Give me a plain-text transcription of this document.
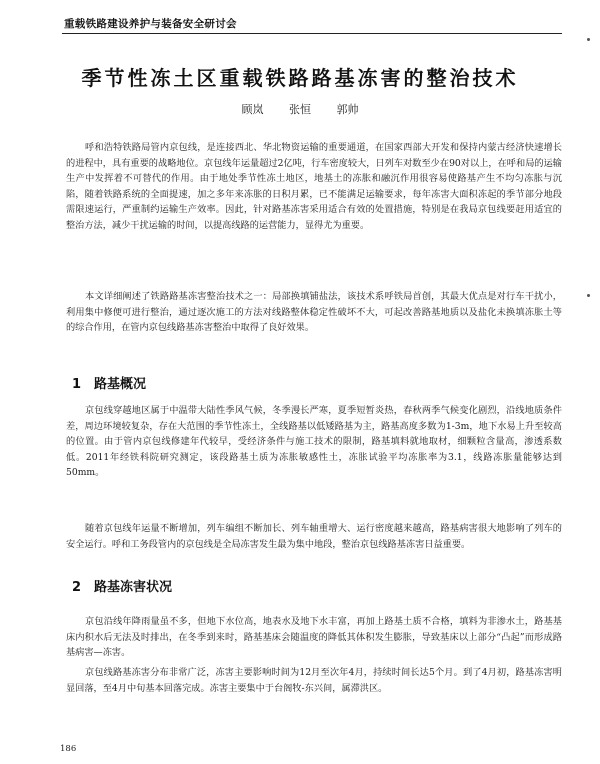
重载铁路建设养护与装备安全研讨会
季节性冻土区重载铁路路基冻害的整治技术
顾岚 张恒 郭帅

呼和浩特铁路局管内京包线，是连接西北、华北物资运输的重要通道，在国家西部大开发和保持内蒙古经济快速增长的进程中，具有重要的战略地位。京包线年运量超过2亿吨，行车密度较大，日列车对数至少在90对以上，在呼和局的运输生产中发挥着不可替代的作用。由于地处季节性冻土地区，地基土的冻胀和融沉作用很容易使路基产生不均匀冻胀与沉陷，随着铁路系统的全面提速，加之多年来冻胀的日积月累，已不能满足运输要求，每年冻害大面积冻起的季节部分地段需限速运行，严重制约运输生产效率。因此，针对路基冻害采用适合有效的处置措施，特别是在我局京包线要赶用适宜的整治方法，减少干扰运输的时间，以提高线路的运营能力，显得尤为重要。

本文详细阐述了铁路路基冻害整治技术之一：局部换填铺盐法，该技术系呼铁局首创，其最大优点是对行车干扰小，利用集中修便可进行整治，通过逐次施工的方法对线路整体稳定性破坏不大，可起改善路基地质以及盐化未换填冻胀土等的综合作用，在管内京包线路基冻害整治中取得了良好效果。

1 路基概况

京包线穿越地区属于中温带大陆性季风气候，冬季漫长严寒，夏季短暂炎热，春秋两季气候变化剧烈，沿线地质条件差，周边环境较复杂，存在大范围的季节性冻土，全线路基以低矮路基为主，路基高度多数为1-3m，地下水易上升至较高的位置。由于管内京包线修建年代较早，受经济条件与施工技术的限制，路基填料就地取材，细颗粒含量高，渗透系数低。2011年经铁科院研究测定，该段路基土质为冻胀敏感性土，冻胀试验平均冻胀率为3.1，线路冻胀量能够达到50mm。

随着京包线年运量不断增加，列车编组不断加长、列车轴重增大、运行密度越来越高，路基病害很大地影响了列车的安全运行。呼和工务段管内的京包线是全局冻害发生最为集中地段，整治京包线路基冻害日益重要。

2 路基冻害状况

京包沿线年降雨量虽不多，但地下水位高，地表水及地下水丰富，再加上路基土质不合格，填料为非渗水土，路基基床内积水后无法及时排出，在冬季到来时，路基基床会随温度的降低其体积发生膨胀，导致基床以上部分“凸起”而形成路基病害—冻害。

京包线路基冻害分布非常广泛，冻害主要影响时间为12月至次年4月，持续时间长达5个月。到了4月初，路基冻害明显回落，至4月中旬基本回落完成。冻害主要集中于台阁牧-东兴间，属滞洪区。

186
